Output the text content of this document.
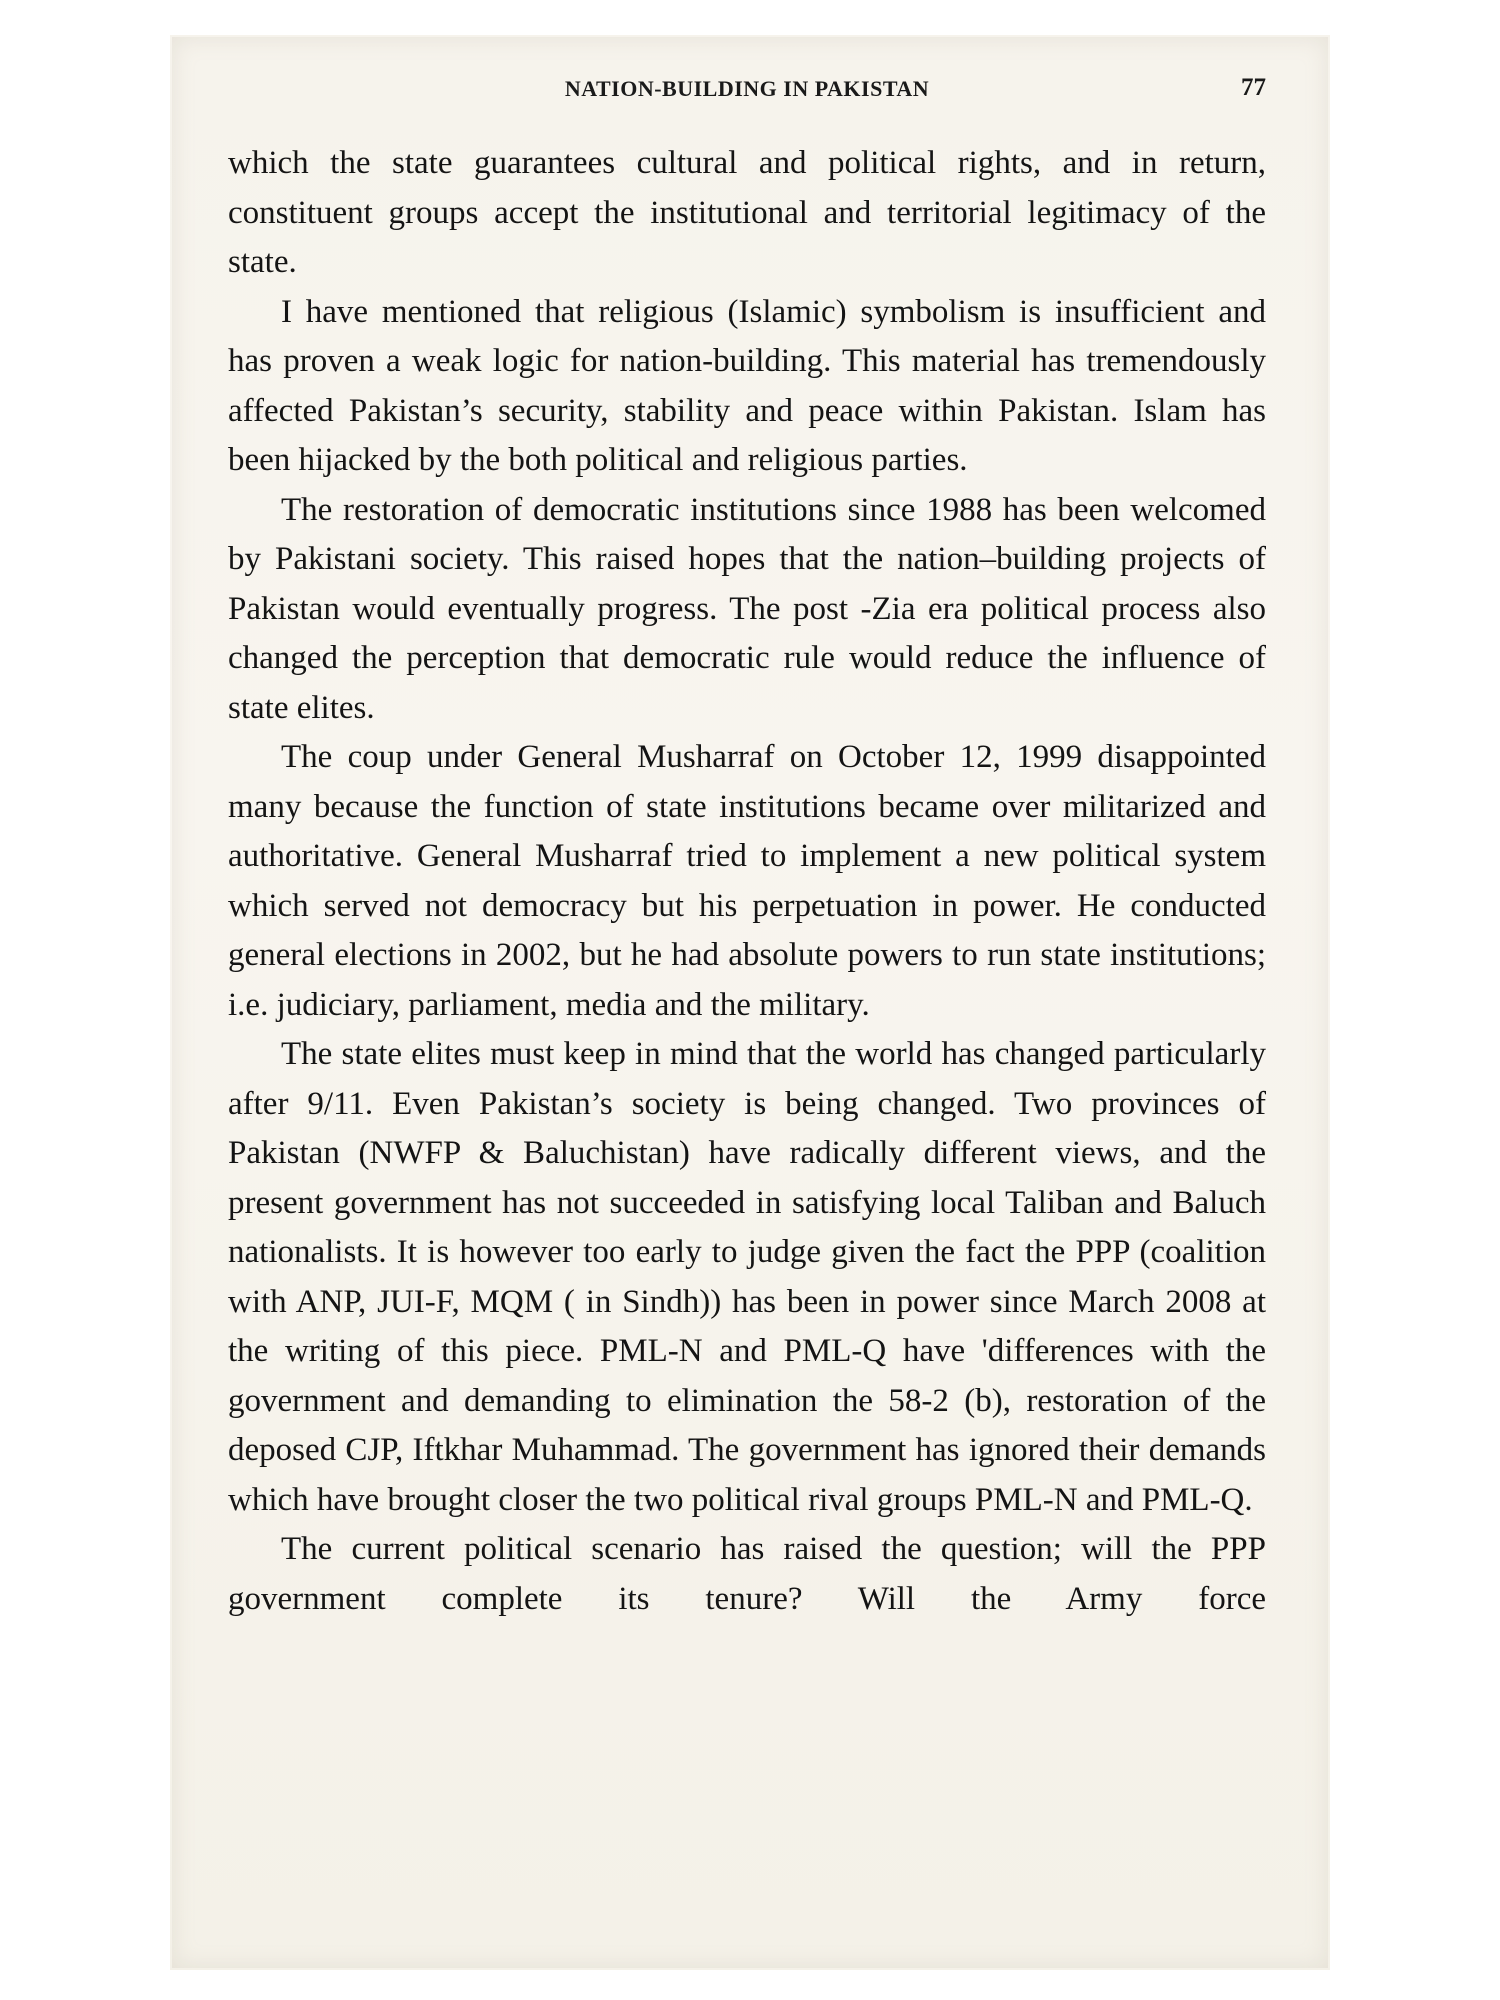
NATION-BUILDING IN PAKISTAN	77

which the state guarantees cultural and political rights, and in return, constituent groups accept the institutional and territorial legitimacy of the state.

I have mentioned that religious (Islamic) symbolism is insufficient and has proven a weak logic for nation-building. This material has tremendously affected Pakistan’s security, stability and peace within Pakistan. Islam has been hijacked by the both political and religious parties.

The restoration of democratic institutions since 1988 has been welcomed by Pakistani society. This raised hopes that the nation–building projects of Pakistan would eventually progress. The post -Zia era political process also changed the perception that democratic rule would reduce the influence of state elites.

The coup under General Musharraf on October 12, 1999 disappointed many because the function of state institutions became over militarized and authoritative. General Musharraf tried to implement a new political system which served not democracy but his perpetuation in power. He conducted general elections in 2002, but he had absolute powers to run state institutions; i.e. judiciary, parliament, media and the military.

The state elites must keep in mind that the world has changed particularly after 9/11. Even Pakistan’s society is being changed. Two provinces of Pakistan (NWFP & Baluchistan) have radically different views, and the present government has not succeeded in satisfying local Taliban and Baluch nationalists. It is however too early to judge given the fact the PPP (coalition with ANP, JUI-F, MQM ( in Sindh)) has been in power since March 2008 at the writing of this piece. PML-N and PML-Q have 'differences with the government and demanding to elimination the 58-2 (b), restoration of the deposed CJP, Iftkhar Muhammad. The government has ignored their demands which have brought closer the two political rival groups PML-N and PML-Q.

The current political scenario has raised the question; will the PPP government complete its tenure? Will the Army force
